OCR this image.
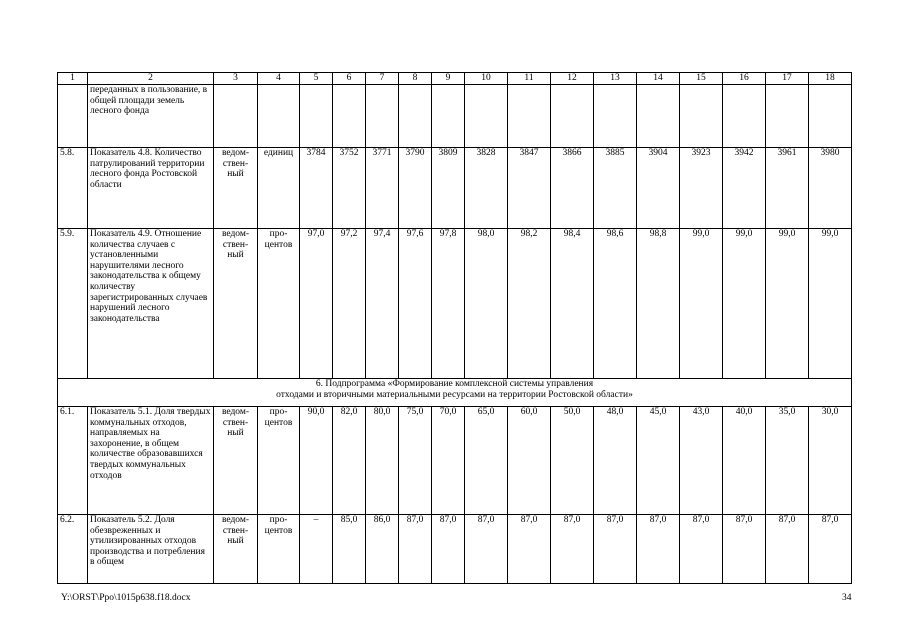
1	2	3	4	5	6	7	8	9	10	11	12	13	14	15	16	17	18
	переданных в пользование, в общей площади земель лесного фонда																
5.8.	Показатель 4.8. Количество патрулирований территории лесного фонда Ростовской области	ведом-ствен-ный	единиц	3784	3752	3771	3790	3809	3828	3847	3866	3885	3904	3923	3942	3961	3980
5.9.	Показатель 4.9. Отношение количества случаев с установленными нарушителями лесного законодательства к общему количеству зарегистрированных случаев нарушений лесного законодательства	ведом-ствен-ный	про-центов	97,0	97,2	97,4	97,6	97,8	98,0	98,2	98,4	98,6	98,8	99,0	99,0	99,0	99,0

6. Подпрограмма «Формирование комплексной системы управления
отходами и вторичными материальными ресурсами на территории Ростовской области»																	

6.1.	Показатель 5.1. Доля твердых коммунальных отходов, направляемых на захоронение, в общем количестве образовавшихся твердых коммунальных отходов	ведом-ствен-ный	про-центов	90,0	82,0	80,0	75,0	70,0	65,0	60,0	50,0	48,0	45,0	43,0	40,0	35,0	30,0
6.2.	Показатель 5.2. Доля обезвреженных и утилизированных отходов производства и потребления в общем	ведом-ствен-ный	про-центов	–	85,0	86,0	87,0	87,0	87,0	87,0	87,0	87,0	87,0	87,0	87,0	87,0	87,0
Y:\ORST\Ppo\1015p638.f18.docx	34
